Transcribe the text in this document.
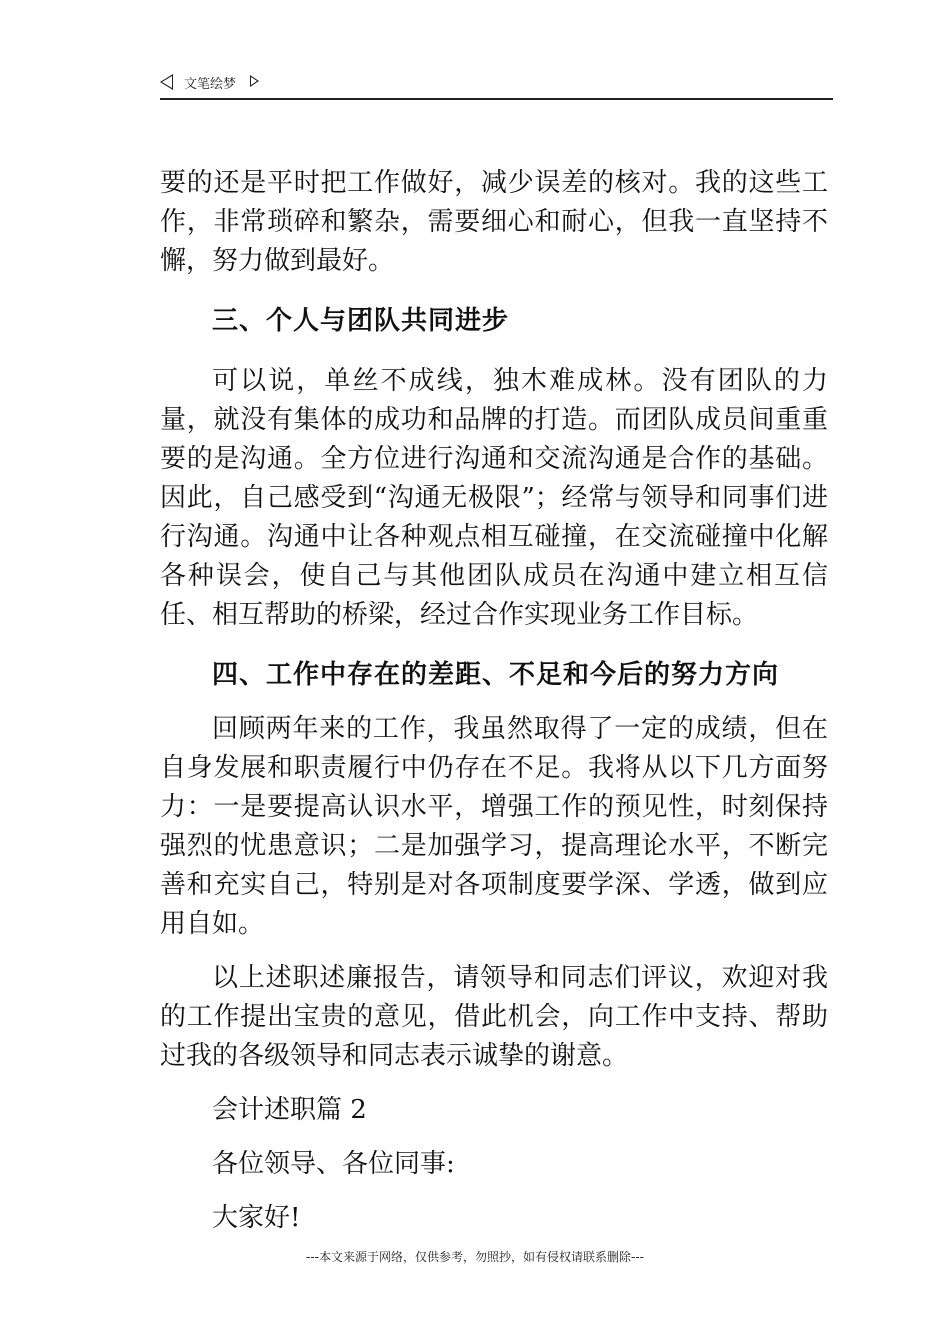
文笔绘梦

要的还是平时把工作做好，减少误差的核对。我的这些工作，非常琐碎和繁杂，需要细心和耐心，但我一直坚持不懈，努力做到最好。

三、个人与团队共同进步

可以说，单丝不成线，独木难成林。没有团队的力量，就没有集体的成功和品牌的打造。而团队成员间重重要的是沟通。全方位进行沟通和交流沟通是合作的基础。因此，自己感受到“沟通无极限”；经常与领导和同事们进行沟通。沟通中让各种观点相互碰撞，在交流碰撞中化解各种误会，使自己与其他团队成员在沟通中建立相互信任、相互帮助的桥梁，经过合作实现业务工作目标。

四、工作中存在的差距、不足和今后的努力方向

回顾两年来的工作，我虽然取得了一定的成绩，但在自身发展和职责履行中仍存在不足。我将从以下几方面努力：一是要提高认识水平，增强工作的预见性，时刻保持强烈的忧患意识；二是加强学习，提高理论水平，不断完善和充实自己，特别是对各项制度要学深、学透，做到应用自如。

以上述职述廉报告，请领导和同志们评议，欢迎对我的工作提出宝贵的意见，借此机会，向工作中支持、帮助过我的各级领导和同志表示诚挚的谢意。

会计述职篇 2

各位领导、各位同事:

大家好!

---本文来源于网络，仅供参考，勿照抄，如有侵权请联系删除---
